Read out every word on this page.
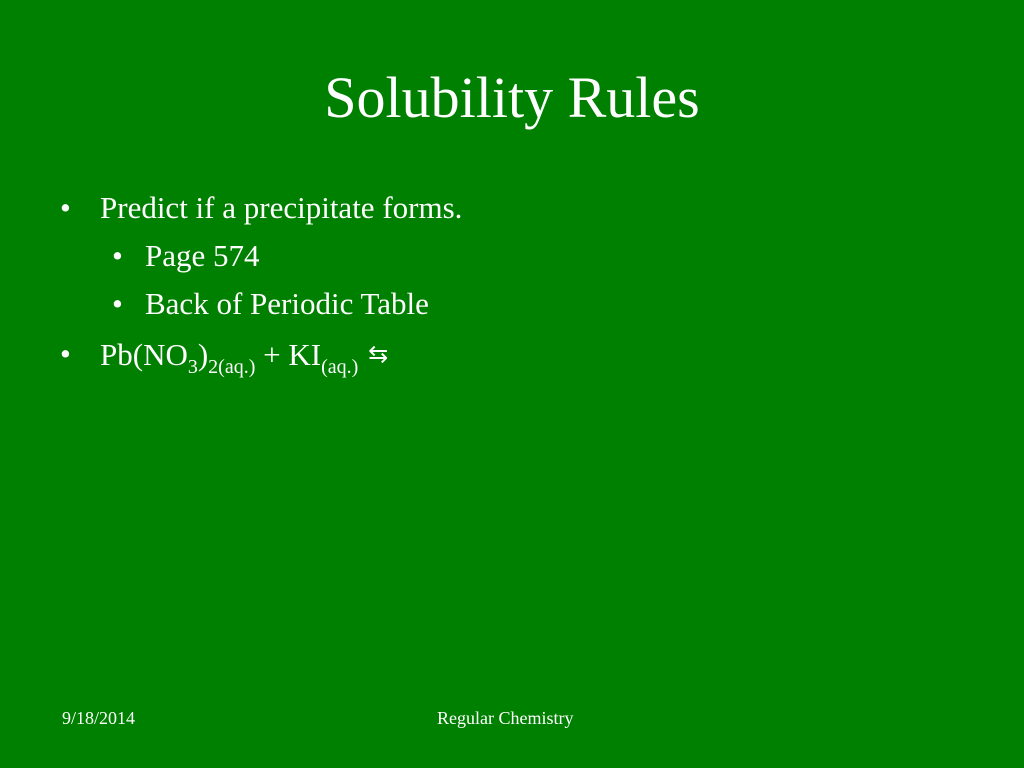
Solubility Rules
• Predict if a precipitate forms.
• Page 574
• Back of Periodic Table
• $Pb(NO_3)_{2(aq.)} + KI_{(aq.)}$ ⇆
9/18/2014	Regular Chemistry
